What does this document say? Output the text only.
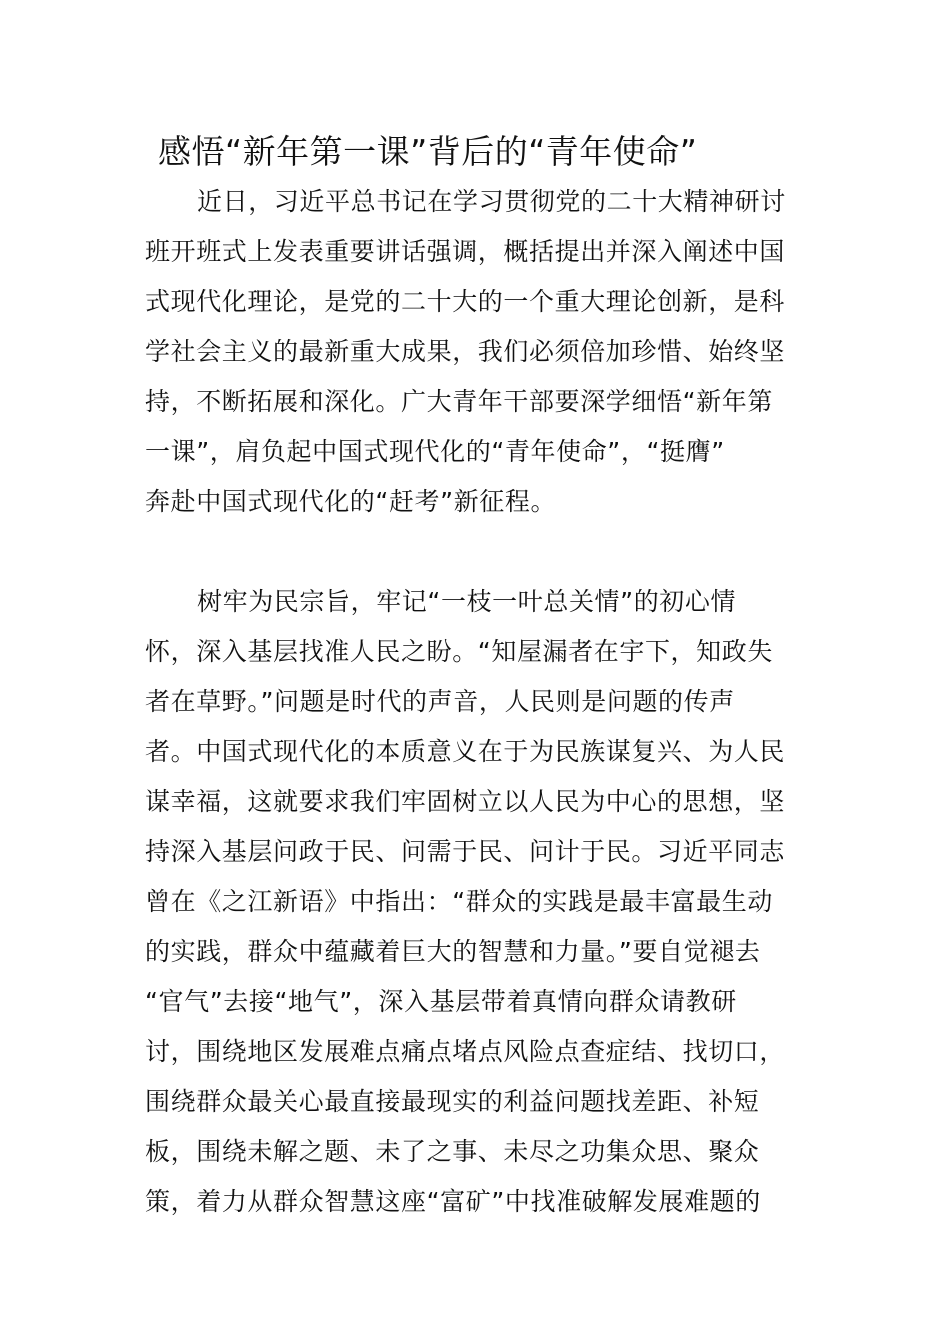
感悟“新年第一课”背后的“青年使命”
近日，习近平总书记在学习贯彻党的二十大精神研讨
班开班式上发表重要讲话强调，概括提出并深入阐述中国
式现代化理论，是党的二十大的一个重大理论创新，是科
学社会主义的最新重大成果，我们必须倍加珍惜、始终坚
持，不断拓展和深化。广大青年干部要深学细悟“新年第
一课”，肩负起中国式现代化的“青年使命”，“挺膺”
奔赴中国式现代化的“赶考”新征程。
树牢为民宗旨，牢记“一枝一叶总关情”的初心情
怀，深入基层找准人民之盼。“知屋漏者在宇下，知政失
者在草野。”问题是时代的声音，人民则是问题的传声
者。中国式现代化的本质意义在于为民族谋复兴、为人民
谋幸福，这就要求我们牢固树立以人民为中心的思想，坚
持深入基层问政于民、问需于民、问计于民。习近平同志
曾在《之江新语》中指出：“群众的实践是最丰富最生动
的实践，群众中蕴藏着巨大的智慧和力量。”要自觉褪去
“官气”去接“地气”，深入基层带着真情向群众请教研
讨，围绕地区发展难点痛点堵点风险点查症结、找切口，
围绕群众最关心最直接最现实的利益问题找差距、补短
板，围绕未解之题、未了之事、未尽之功集众思、聚众
策，着力从群众智慧这座“富矿”中找准破解发展难题的
